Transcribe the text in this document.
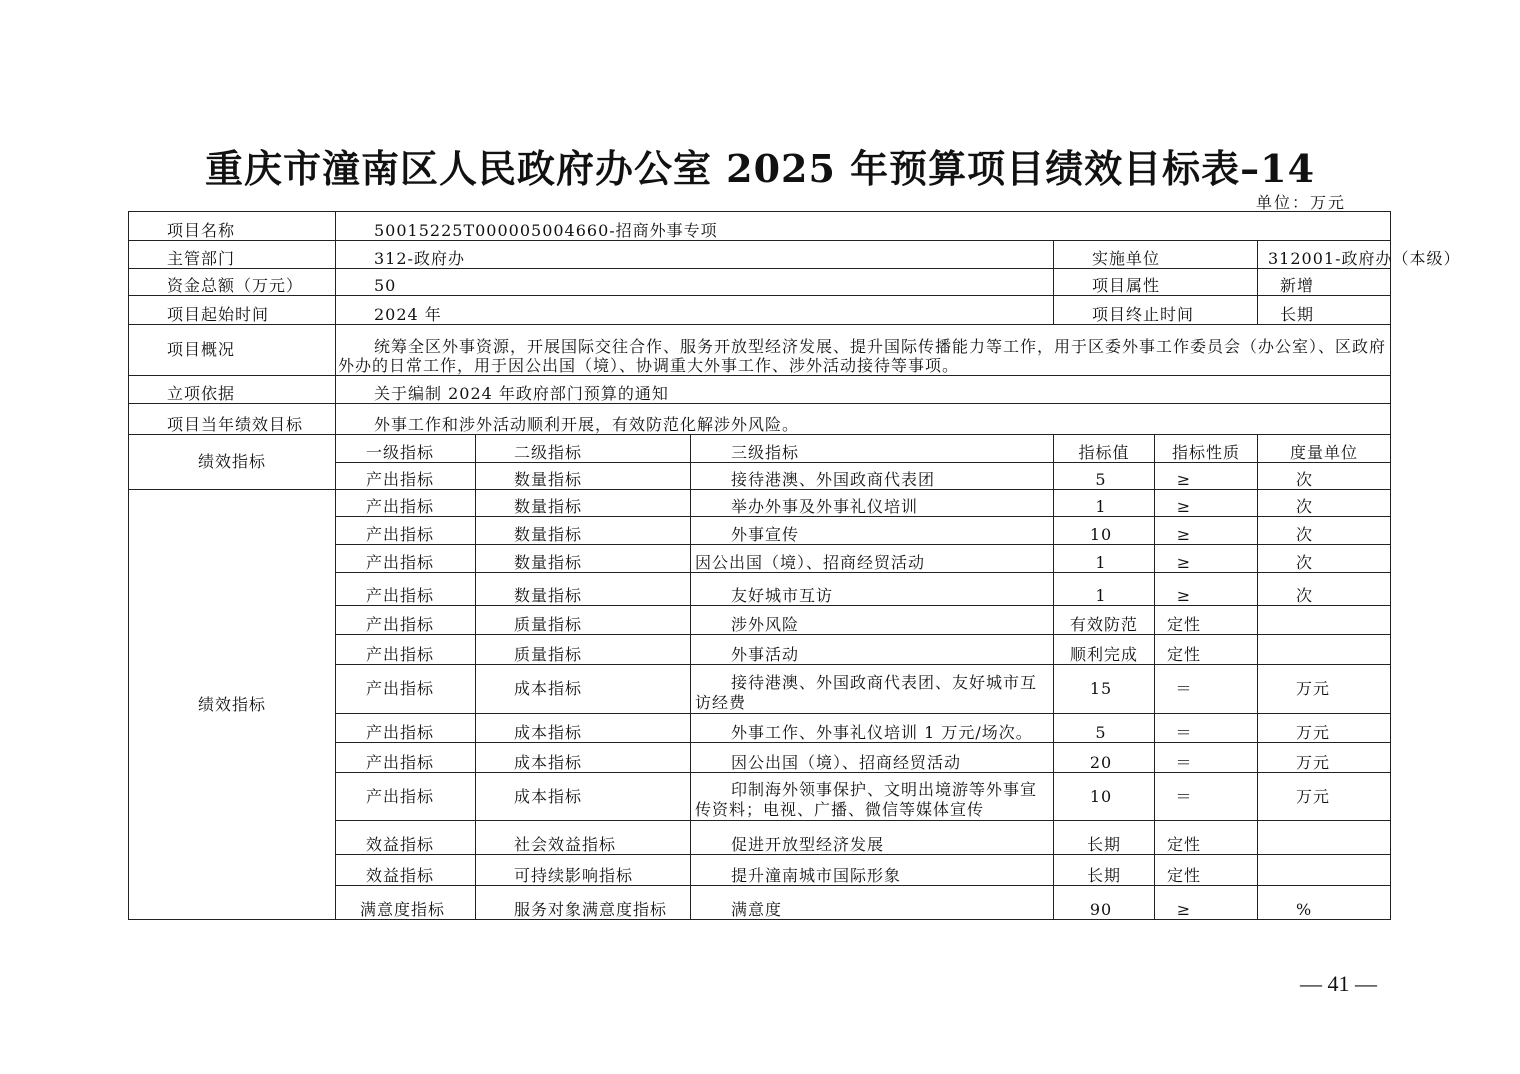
重庆市潼南区人民政府办公室 2025 年预算项目绩效目标表–14
单位：万元
项目名称	50015225T000005004660-招商外事专项					
主管部门	312-政府办			实施单位		312001-政府办（本级）
资金总额（万元）	50			项目属性		新增
项目起始时间	2024 年			项目终止时间		长期
项目概况	统筹全区外事资源，开展国际交往合作、服务开放型经济发展、提升国际传播能力等工作，用于区委外事工作委员会（办公室）、区政府外办的日常工作，用于因公出国（境）、协调重大外事工作、涉外活动接待等事项。					
立项依据	关于编制 2024 年政府部门预算的通知					
项目当年绩效目标	外事工作和涉外活动顺利开展，有效防范化解涉外风险。					
绩效指标	一级指标	二级指标	三级指标	指标值	指标性质	度量单位
	产出指标	数量指标	接待港澳、外国政商代表团	5	≥	次
绩效指标	产出指标	数量指标	举办外事及外事礼仪培训	1	≥	次
	产出指标	数量指标	外事宣传	10	≥	次
	产出指标	数量指标	因公出国（境）、招商经贸活动	1	≥	次
	产出指标	数量指标	友好城市互访	1	≥	次
	产出指标	质量指标	涉外风险	有效防范	定性	
	产出指标	质量指标	外事活动	顺利完成	定性	
	产出指标	成本指标	接待港澳、外国政商代表团、友好城市互访经费	15	＝	万元
	产出指标	成本指标	外事工作、外事礼仪培训 1 万元/场次。	5	＝	万元
	产出指标	成本指标	因公出国（境）、招商经贸活动	20	＝	万元
	产出指标	成本指标	印制海外领事保护、文明出境游等外事宣传资料；电视、广播、微信等媒体宣传	10	＝	万元
	效益指标	社会效益指标	促进开放型经济发展	长期	定性	
	效益指标	可持续影响指标	提升潼南城市国际形象	长期	定性	
	满意度指标	服务对象满意度指标	满意度	90	≥	%
— 41 —
